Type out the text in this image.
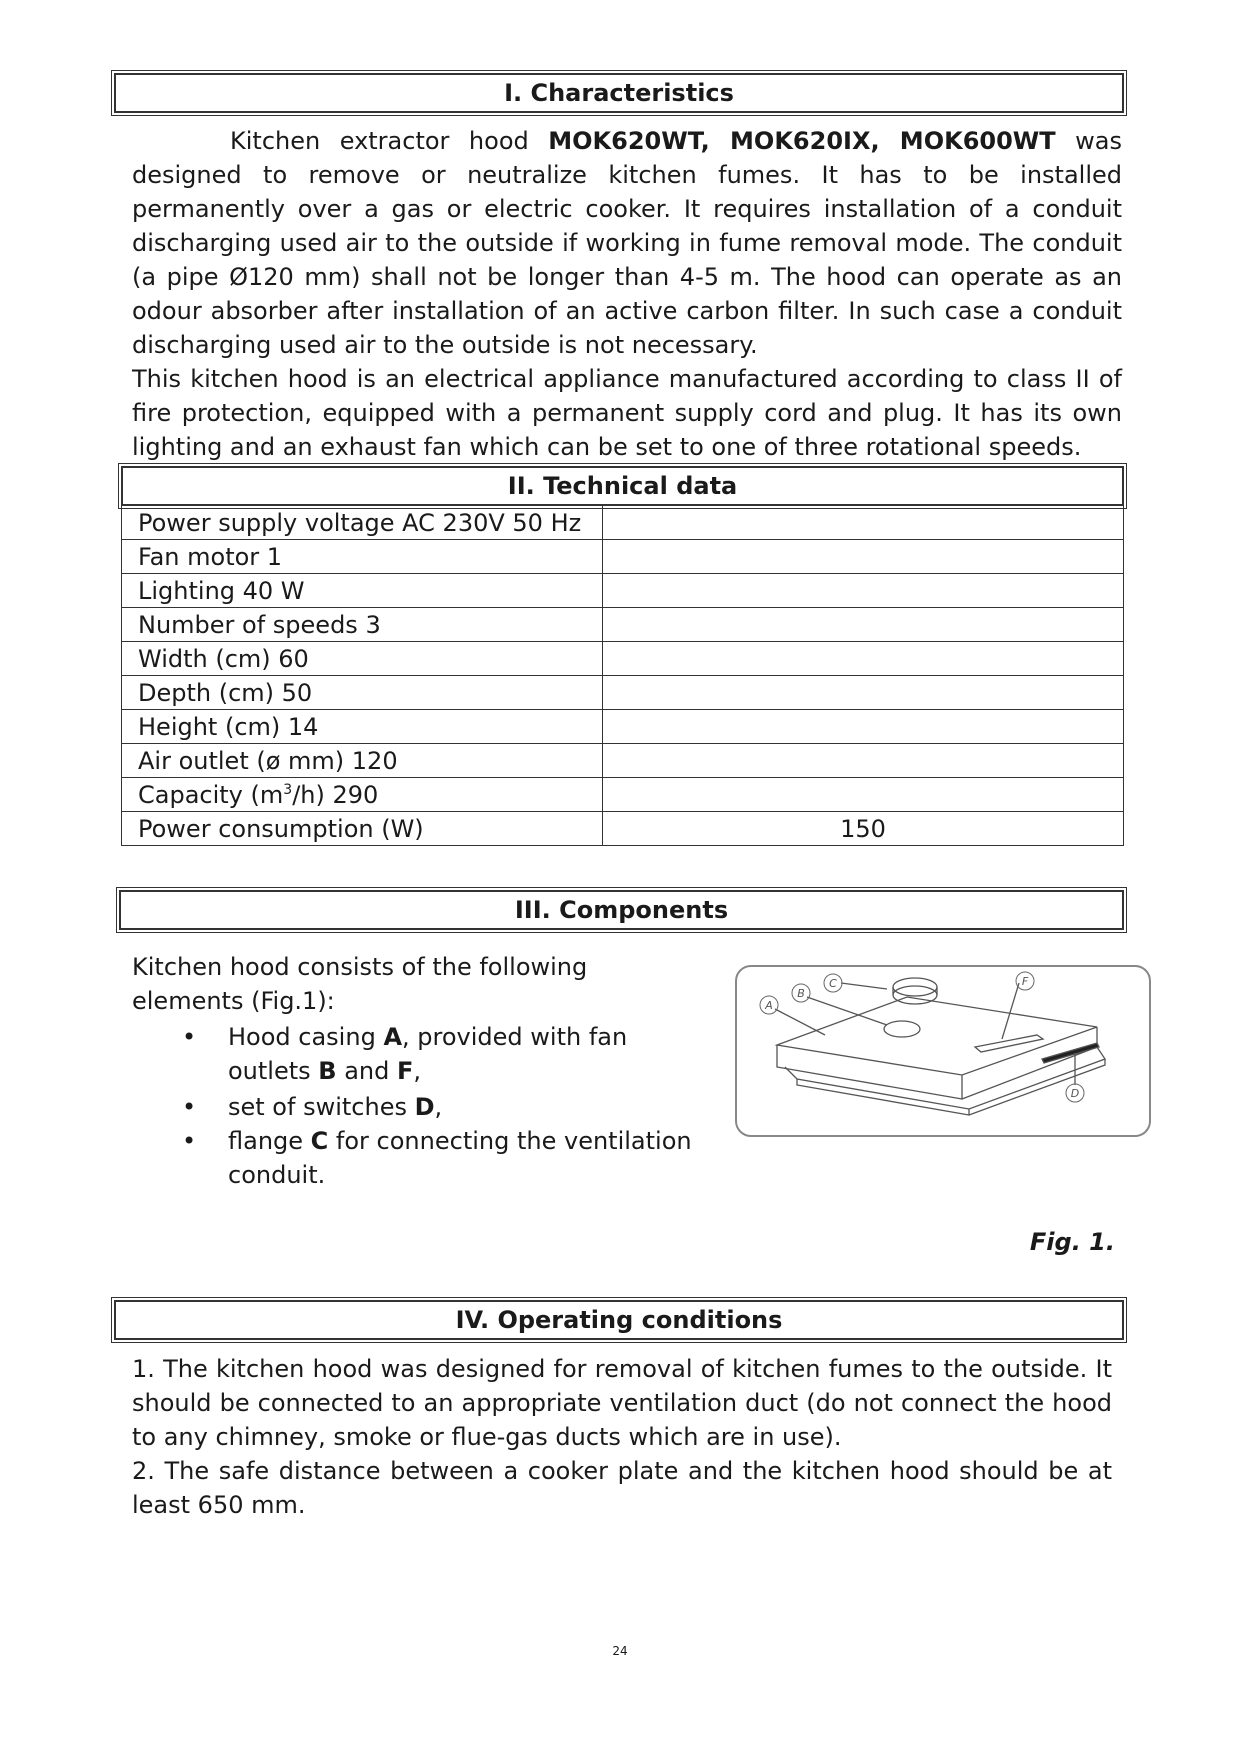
I. Characteristics

Kitchen extractor hood MOK620WT, MOK620IX, MOK600WT was designed to remove or neutralize kitchen fumes. It has to be installed permanently over a gas or electric cooker. It requires installation of a conduit discharging used air to the outside if working in fume removal mode. The conduit (a pipe Ø120 mm) shall not be longer than 4-5 m. The hood can operate as an odour absorber after installation of an active carbon filter. In such case a conduit discharging used air to the outside is not necessary.

This kitchen hood is an electrical appliance manufactured according to class II of fire protection, equipped with a permanent supply cord and plug. It has its own lighting and an exhaust fan which can be set to one of three rotational speeds.

II. Technical data
Power supply voltage AC 230V 50 Hz	
Fan motor 1	
Lighting 40 W	
Number of speeds 3	
Width (cm) 60	
Depth (cm) 50	
Height (cm) 14	
Air outlet (ø mm) 120	
Capacity $(m^3/h)$ 290	
Power consumption (W)	150
III. Components

Kitchen hood consists of the following elements (Fig.1):

• Hood casing A, provided with fan outlets B and F,
• set of switches D,
• flange C for connecting the ventilation conduit.
A
B
C	F
D
Fig. 1.
IV. Operating conditions

1. The kitchen hood was designed for removal of kitchen fumes to the outside. It should be connected to an appropriate ventilation duct (do not connect the hood to any chimney, smoke or flue-gas ducts which are in use).

2. The safe distance between a cooker plate and the kitchen hood should be at least 650 mm.

24
